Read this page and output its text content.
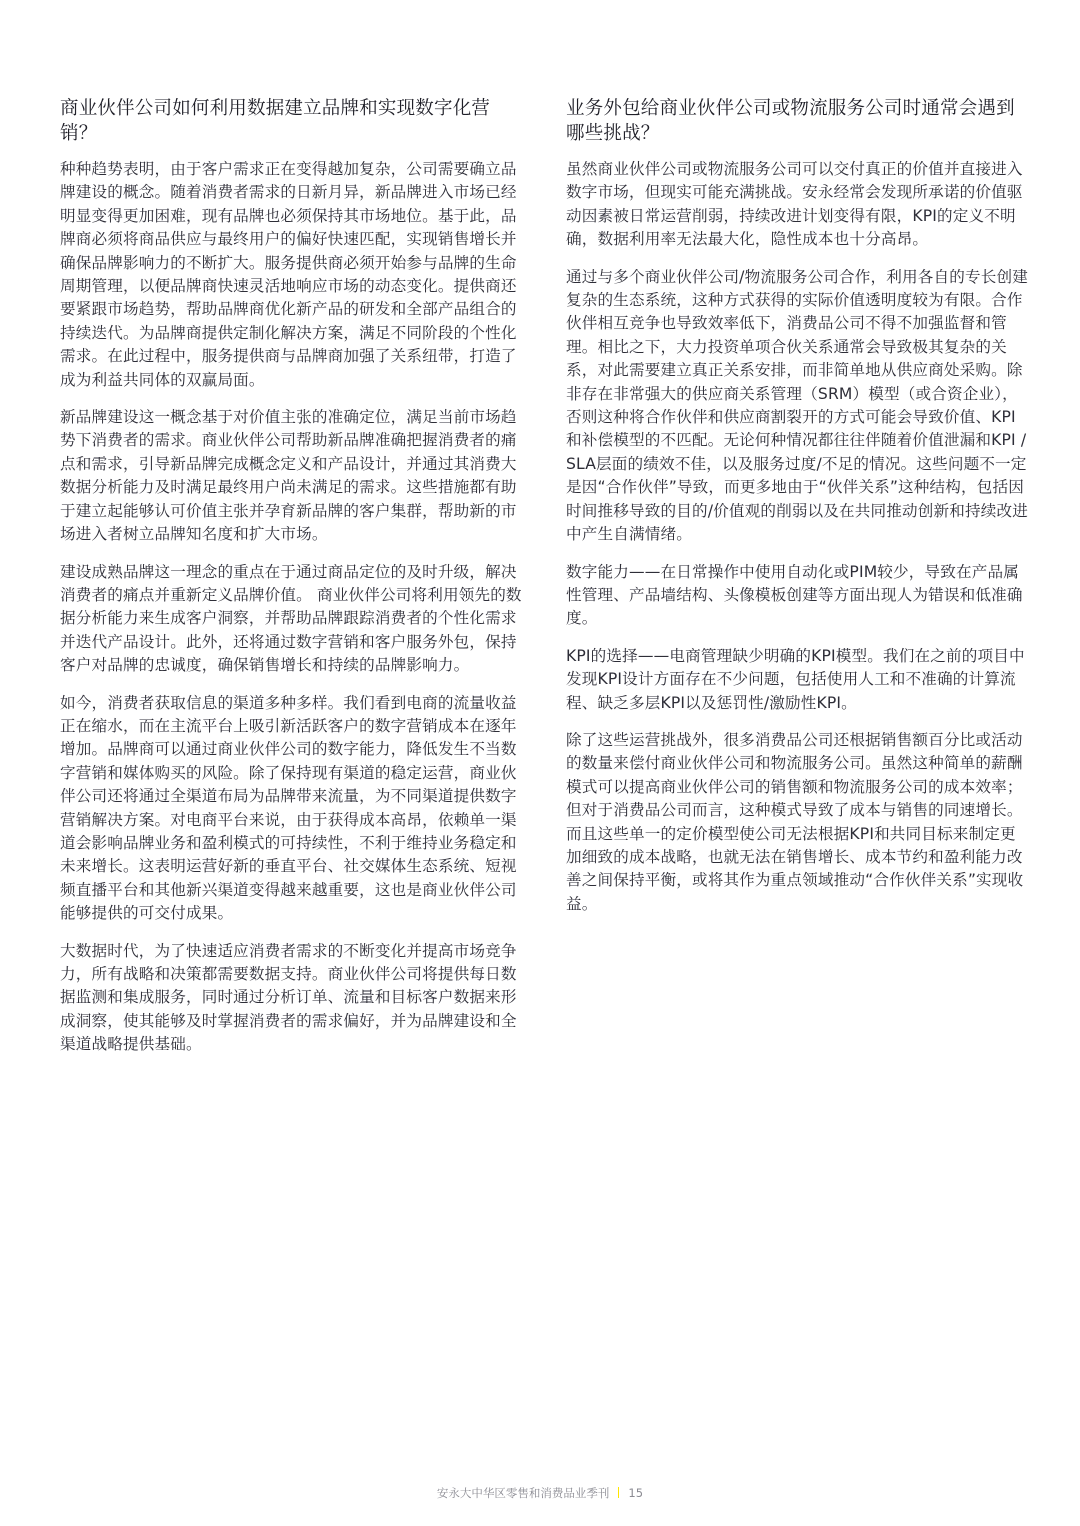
商业伙伴公司如何利用数据建立品牌和实现数字化营销？

种种趋势表明，由于客户需求正在变得越加复杂，公司需要确立品牌建设的概念。随着消费者需求的日新月异，新品牌进入市场已经明显变得更加困难，现有品牌也必须保持其市场地位。基于此，品牌商必须将商品供应与最终用户的偏好快速匹配，实现销售增长并确保品牌影响力的不断扩大。服务提供商必须开始参与品牌的生命周期管理，以便品牌商快速灵活地响应市场的动态变化。提供商还要紧跟市场趋势，帮助品牌商优化新产品的研发和全部产品组合的持续迭代。为品牌商提供定制化解决方案，满足不同阶段的个性化需求。在此过程中，服务提供商与品牌商加强了关系纽带，打造了成为利益共同体的双赢局面。

新品牌建设这一概念基于对价值主张的准确定位，满足当前市场趋势下消费者的需求。商业伙伴公司帮助新品牌准确把握消费者的痛点和需求，引导新品牌完成概念定义和产品设计，并通过其消费大数据分析能力及时满足最终用户尚未满足的需求。这些措施都有助于建立起能够认可价值主张并孕育新品牌的客户集群，帮助新的市场进入者树立品牌知名度和扩大市场。

建设成熟品牌这一理念的重点在于通过商品定位的及时升级，解决消费者的痛点并重新定义品牌价值。 商业伙伴公司将利用领先的数据分析能力来生成客户洞察，并帮助品牌跟踪消费者的个性化需求并迭代产品设计。此外，还将通过数字营销和客户服务外包，保持客户对品牌的忠诚度，确保销售增长和持续的品牌影响力。

如今，消费者获取信息的渠道多种多样。我们看到电商的流量收益正在缩水，而在主流平台上吸引新活跃客户的数字营销成本在逐年增加。品牌商可以通过商业伙伴公司的数字能力，降低发生不当数字营销和媒体购买的风险。除了保持现有渠道的稳定运营，商业伙伴公司还将通过全渠道布局为品牌带来流量，为不同渠道提供数字营销解决方案。对电商平台来说，由于获得成本高昂，依赖单一渠道会影响品牌业务和盈利模式的可持续性，不利于维持业务稳定和未来增长。这表明运营好新的垂直平台、社交媒体生态系统、短视频直播平台和其他新兴渠道变得越来越重要，这也是商业伙伴公司能够提供的可交付成果。

大数据时代，为了快速适应消费者需求的不断变化并提高市场竞争力，所有战略和决策都需要数据支持。商业伙伴公司将提供每日数据监测和集成服务，同时通过分析订单、流量和目标客户数据来形成洞察，使其能够及时掌握消费者的需求偏好，并为品牌建设和全渠道战略提供基础。

业务外包给商业伙伴公司或物流服务公司时通常会遇到哪些挑战？

虽然商业伙伴公司或物流服务公司可以交付真正的价值并直接进入数字市场，但现实可能充满挑战。安永经常会发现所承诺的价值驱动因素被日常运营削弱，持续改进计划变得有限，KPI的定义不明确，数据利用率无法最大化，隐性成本也十分高昂。

通过与多个商业伙伴公司/物流服务公司合作，利用各自的专长创建复杂的生态系统，这种方式获得的实际价值透明度较为有限。合作伙伴相互竞争也导致效率低下，消费品公司不得不加强监督和管理。相比之下，大力投资单项合伙关系通常会导致极其复杂的关系，对此需要建立真正关系安排，而非简单地从供应商处采购。除非存在非常强大的供应商关系管理（SRM）模型（或合资企业），否则这种将合作伙伴和供应商割裂开的方式可能会导致价值、KPI和补偿模型的不匹配。无论何种情况都往往伴随着价值泄漏和KPI / SLA层面的绩效不佳，以及服务过度/不足的情况。这些问题不一定是因“合作伙伴”导致，而更多地由于“伙伴关系”这种结构，包括因时间推移导致的目的/价值观的削弱以及在共同推动创新和持续改进中产生自满情绪。

数字能力——在日常操作中使用自动化或PIM较少，导致在产品属性管理、产品墙结构、头像模板创建等方面出现人为错误和低准确度。

KPI的选择——电商管理缺少明确的KPI模型。我们在之前的项目中发现KPI设计方面存在不少问题，包括使用人工和不准确的计算流程、缺乏多层KPI以及惩罚性/激励性KPI。

除了这些运营挑战外，很多消费品公司还根据销售额百分比或活动的数量来偿付商业伙伴公司和物流服务公司。虽然这种简单的薪酬模式可以提高商业伙伴公司的销售额和物流服务公司的成本效率；但对于消费品公司而言，这种模式导致了成本与销售的同速增长。而且这些单一的定价模型使公司无法根据KPI和共同目标来制定更加细致的成本战略，也就无法在销售增长、成本节约和盈利能力改善之间保持平衡，或将其作为重点领域推动“合作伙伴关系”实现收益。

安永大中华区零售和消费品业季刊 15
